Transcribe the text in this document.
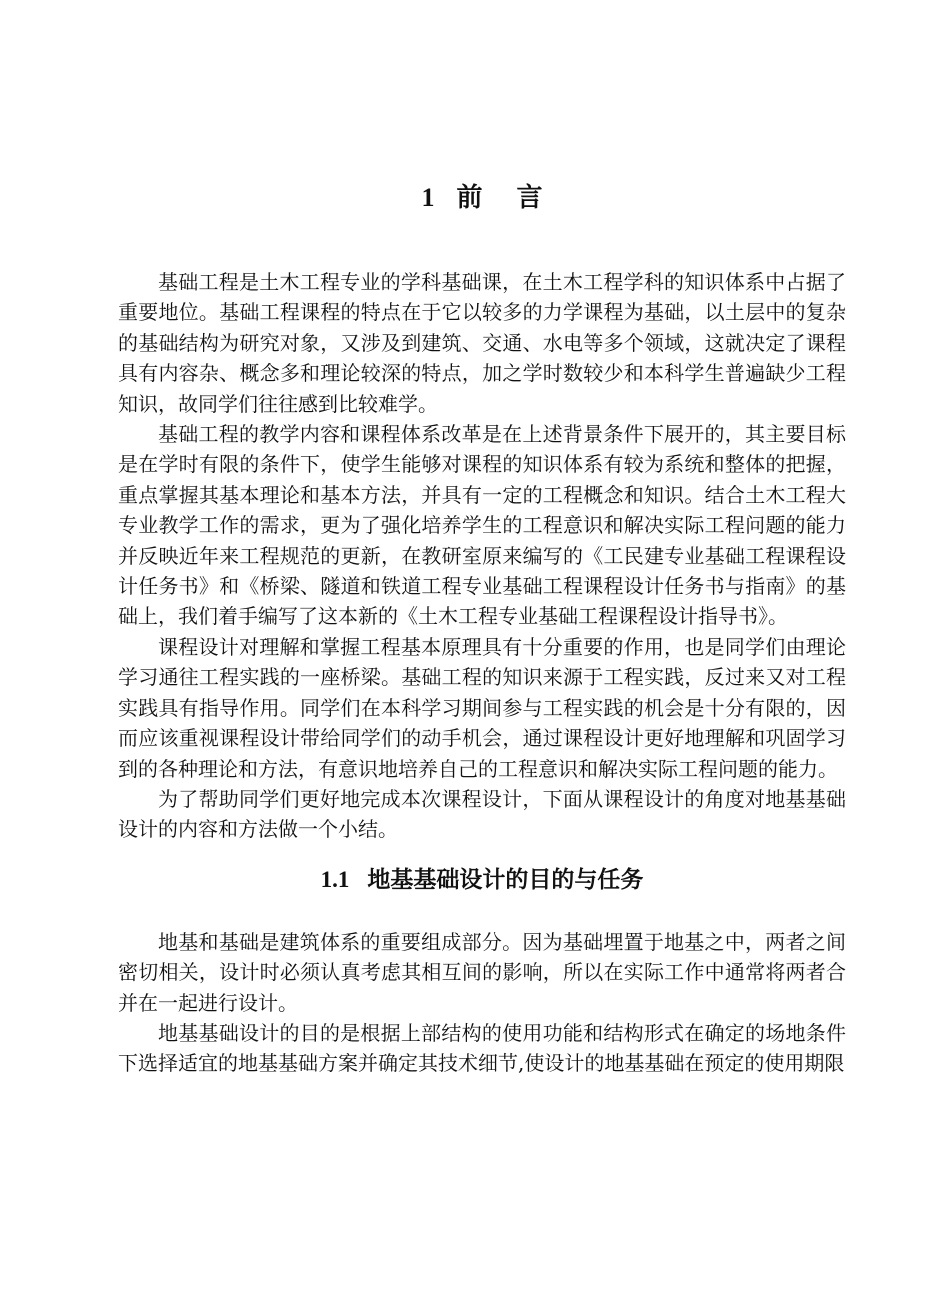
1 前言

基础工程是土木工程专业的学科基础课，在土木工程学科的知识体系中占据了重要地位。基础工程课程的特点在于它以较多的力学课程为基础，以土层中的复杂的基础结构为研究对象，又涉及到建筑、交通、水电等多个领域，这就决定了课程具有内容杂、概念多和理论较深的特点，加之学时数较少和本科学生普遍缺少工程知识，故同学们往往感到比较难学。

基础工程的教学内容和课程体系改革是在上述背景条件下展开的，其主要目标是在学时有限的条件下，使学生能够对课程的知识体系有较为系统和整体的把握，重点掌握其基本理论和基本方法，并具有一定的工程概念和知识。结合土木工程大专业教学工作的需求，更为了强化培养学生的工程意识和解决实际工程问题的能力并反映近年来工程规范的更新，在教研室原来编写的《工民建专业基础工程课程设计任务书》和《桥梁、隧道和铁道工程专业基础工程课程设计任务书与指南》的基础上，我们着手编写了这本新的《土木工程专业基础工程课程设计指导书》。

课程设计对理解和掌握工程基本原理具有十分重要的作用，也是同学们由理论学习通往工程实践的一座桥梁。基础工程的知识来源于工程实践，反过来又对工程实践具有指导作用。同学们在本科学习期间参与工程实践的机会是十分有限的，因而应该重视课程设计带给同学们的动手机会，通过课程设计更好地理解和巩固学习到的各种理论和方法，有意识地培养自己的工程意识和解决实际工程问题的能力。

为了帮助同学们更好地完成本次课程设计，下面从课程设计的角度对地基基础设计的内容和方法做一个小结。

1.1 地基基础设计的目的与任务

地基和基础是建筑体系的重要组成部分。因为基础埋置于地基之中，两者之间密切相关，设计时必须认真考虑其相互间的影响，所以在实际工作中通常将两者合并在一起进行设计。

地基基础设计的目的是根据上部结构的使用功能和结构形式在确定的场地条件下选择适宜的地基基础方案并确定其技术细节,使设计的地基基础在预定的使用期限
